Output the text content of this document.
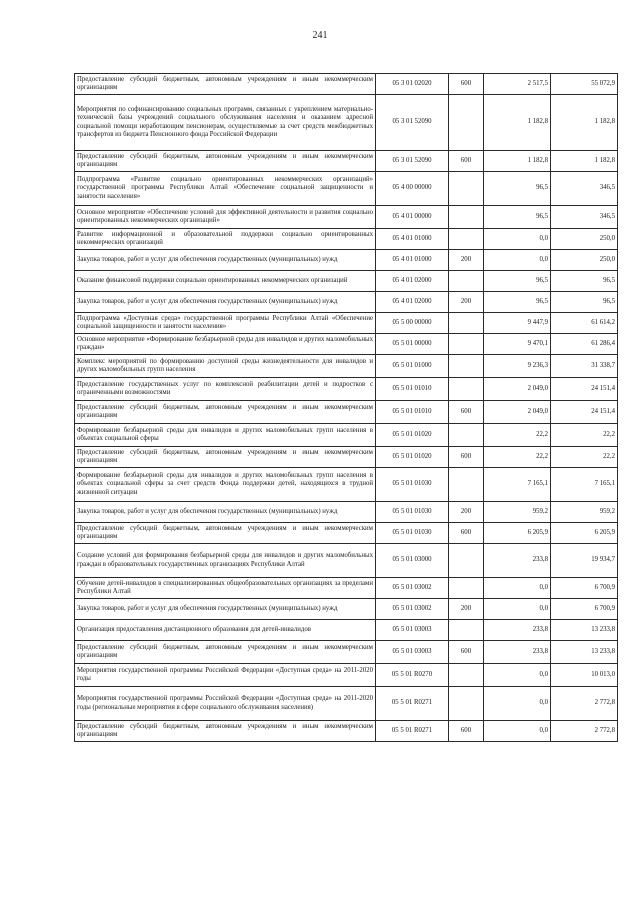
241
Предоставление субсидий бюджетным, автономным учреждениям и иным некоммерческим организациям	05 3 01 02020	600	2 517,5	55 072,9
Мероприятия по софинансированию социальных программ, связанных с укреплением материально-технической базы учреждений социального обслуживания населения и оказанием адресной социальной помощи неработающим пенсионерам, осуществляемые за счет средств межбюджетных трансфертов из бюджета Пенсионного фонда Российской Федерации	05 3 01 52090		1 182,8	1 182,8
Предоставление субсидий бюджетным, автономным учреждениям и иным некоммерческим организациям	05 3 01 52090	600	1 182,8	1 182,8
Подпрограмма «Развитие социально ориентированных некоммерческих организаций» государственной программы Республики Алтай «Обеспечение социальной защищенности и занятости населения»	05 4 00 00000		96,5	346,5
Основное мероприятие «Обеспечение условий для эффективной деятельности и развития социально ориентированных некоммерческих организаций»	05 4 01 00000		96,5	346,5
Развитие информационной и образовательной поддержки социально ориентированных некоммерческих организаций	05 4 01 01000		0,0	250,0
Закупка товаров, работ и услуг для обеспечения государственных (муниципальных) нужд	05 4 01 01000	200	0,0	250,0
Оказание финансовой поддержки социально ориентированных некоммерческих организаций	05 4 01 02000		96,5	96,5
Закупка товаров, работ и услуг для обеспечения государственных (муниципальных) нужд	05 4 01 02000	200	96,5	96,5
Подпрограмма «Доступная среда» государственной программы Республики Алтай «Обеспечение социальной защищенности и занятости населения»	05 5 00 00000		9 447,9	61 614,2
Основное мероприятие «Формирование безбарьерной среды для инвалидов и других маломобильных граждан»	05 5 01 00000		9 470,1	61 286,4
Комплекс мероприятий по формированию доступной среды жизнедеятельности для инвалидов и других маломобильных групп населения	05 5 01 01000		9 236,3	31 338,7
Предоставление государственных услуг по комплексной реабилитации детей и подростков с ограниченными возможностями	05 5 01 01010		2 049,0	24 151,4
Предоставление субсидий бюджетным, автономным учреждениям и иным некоммерческим организациям	05 5 01 01010	600	2 049,0	24 151,4
Формирование безбарьерной среды для инвалидов и других маломобильных групп населения в объектах социальной сферы	05 5 01 01020		22,2	22,2
Предоставление субсидий бюджетным, автономным учреждениям и иным некоммерческим организациям	05 5 01 01020	600	22,2	22,2
Формирование безбарьерной среды для инвалидов и других маломобильных групп населения в объектах социальной сферы за счет средств Фонда поддержки детей, находящихся в трудной жизненной ситуации	05 5 01 01030		7 165,1	7 165,1
Закупка товаров, работ и услуг для обеспечения государственных (муниципальных) нужд	05 5 01 01030	200	959,2	959,2
Предоставление субсидий бюджетным, автономным учреждениям и иным некоммерческим организациям	05 5 01 01030	600	6 205,9	6 205,9
Создание условий для формирования безбарьерной среды для инвалидов и других маломобильных граждан в образовательных государственных организациях Республики Алтай	05 5 01 03000		233,8	19 934,7
Обучение детей-инвалидов в специализированных общеобразовательных организациях за пределами Республики Алтай	05 5 01 03002		0,0	6 700,9
Закупка товаров, работ и услуг для обеспечения государственных (муниципальных) нужд	05 5 01 03002	200	0,0	6 700,9
Организация предоставления дистанционного образования для детей-инвалидов	05 5 01 03003		233,8	13 233,8
Предоставление субсидий бюджетным, автономным учреждениям и иным некоммерческим организациям	05 5 01 03003	600	233,8	13 233,8
Мероприятия государственной программы Российской Федерации «Доступная среда» на 2011-2020 годы	05 5 01 R0270		0,0	10 013,0
Мероприятия государственной программы Российской Федерации «Доступная среда» на 2011-2020 годы (региональные мероприятия в сфере социального обслуживания населения)	05 5 01 R0271		0,0	2 772,8
Предоставление субсидий бюджетным, автономным учреждениям и иным некоммерческим организациям	05 5 01 R0271	600	0,0	2 772,8
